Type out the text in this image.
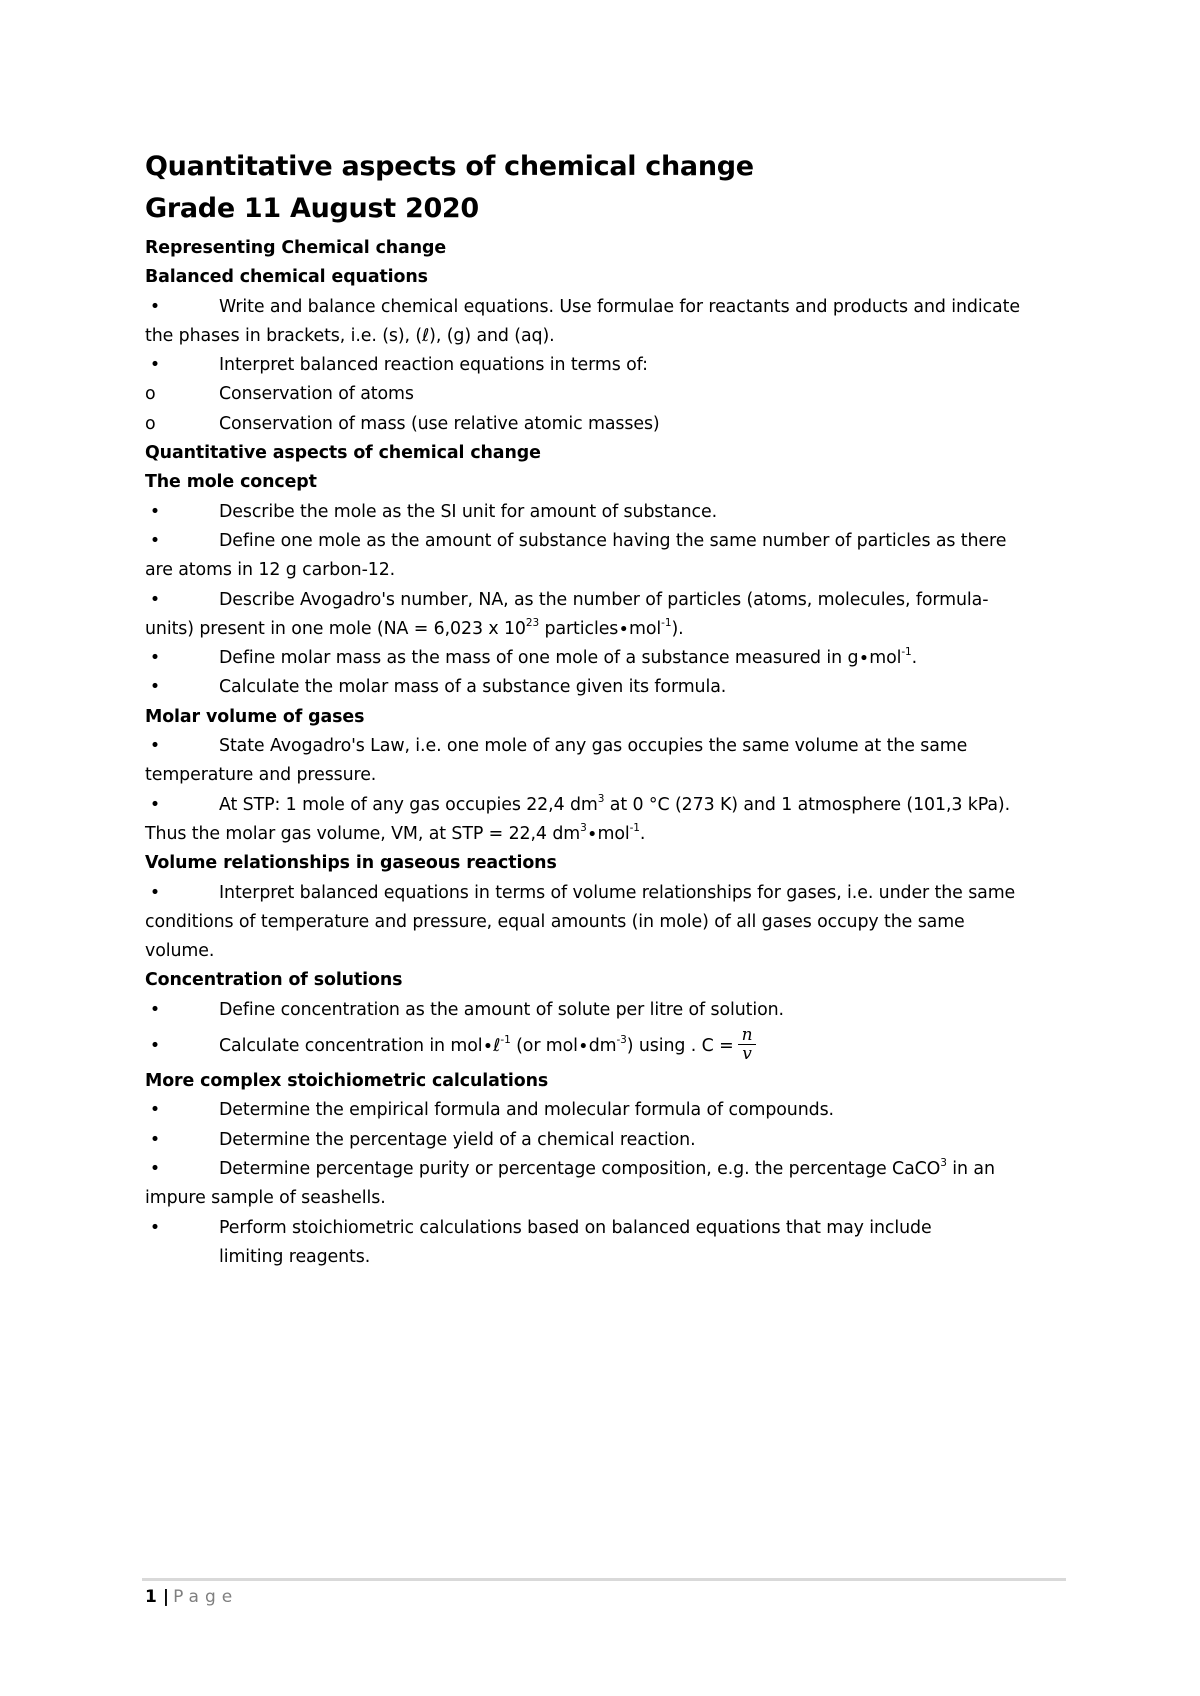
Quantitative aspects of chemical change
Grade 11 August 2020
Representing Chemical change
Balanced chemical equations
•	Write and balance chemical equations. Use formulae for reactants and products and indicate
the phases in brackets, i.e. (s), (ℓ), (g) and (aq).
•	Interpret balanced reaction equations in terms of:
o	Conservation of atoms
o	Conservation of mass (use relative atomic masses)
Quantitative aspects of chemical change
The mole concept
•	Describe the mole as the SI unit for amount of substance.
•	Define one mole as the amount of substance having the same number of particles as there
are atoms in 12 g carbon-12.
•	Describe Avogadro's number, NA, as the number of particles (atoms, molecules, formula-
units) present in one mole (NA = 6,023 x $10^{23}$ particles∙mol$^{-1}$).
•	Define molar mass as the mass of one mole of a substance measured in g∙mol$^{-1}$.
•	Calculate the molar mass of a substance given its formula.
Molar volume of gases
•	State Avogadro's Law, i.e. one mole of any gas occupies the same volume at the same
temperature and pressure.
•	At STP: 1 mole of any gas occupies 22,4 $dm^3$ at 0 °C (273 K) and 1 atmosphere (101,3 kPa).
Thus the molar gas volume, VM, at STP = 22,4 $dm^3\cdot mol^{-1}$.
Volume relationships in gaseous reactions
•	Interpret balanced equations in terms of volume relationships for gases, i.e. under the same
conditions of temperature and pressure, equal amounts (in mole) of all gases occupy the same
volume.
Concentration of solutions
•	Define concentration as the amount of solute per litre of solution.
•	Calculate concentration in mol∙ℓ$^{-1}$ (or $mol\cdot dm^{-3}$) using . $C = \frac{n}{v}$
More complex stoichiometric calculations
•	Determine the empirical formula and molecular formula of compounds.
•	Determine the percentage yield of a chemical reaction.
•	Determine percentage purity or percentage composition, e.g. the percentage CaCO$^3$ in an
impure sample of seashells.
•	Perform stoichiometric calculations based on balanced equations that may include
limiting reagents.
1 | Page
